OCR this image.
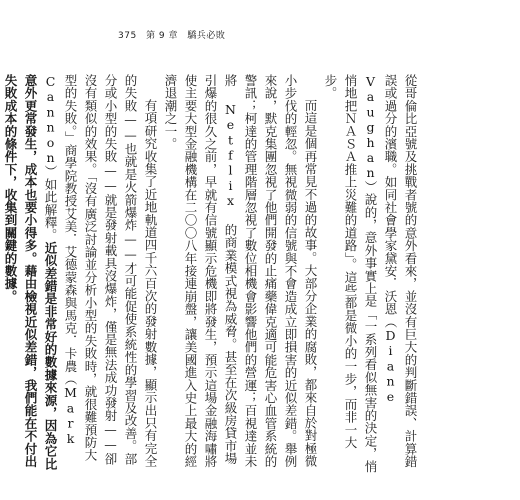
375 第 9 章 驕兵必敗

從哥倫比亞號及挑戰者號的意外看來，並沒有巨大的判斷錯誤、計算錯誤或過分的濱職。如同社會學家黛安．沃恩（Diane Vaughan）說的，意外事實上是「一系列看似無害的決定，悄悄地把ＮＡＳＡ推上災難的道路」。這些都是微小的一步，而非一大步。

而這是個再常見不過的故事。大部分企業的腐敗，都來自於對極微小步伐的輕忽。無視微弱的信號與不會造成立即損害的近似差錯。舉例來說，默克集團忽視了他們開發的止痛藥偉克適可能危害心血管系統的警訊；柯達的管理階層忽視了數位相機會影響他們的營運；百視達並未將 Netflix 的商業模式視為威脅。甚至在次級房貸市場引爆的很久之前，早就有信號顯示危機即將發生，預示這場金融海嘯將使主要大型金融機構在二〇〇八年接連崩盤，讓美國進入史上最大的經濟退潮之一。

有項研究收集了近地軌道四千六百次的發射數據，顯示出只有完全的失敗——也就是火箭爆炸——才可能促使系統性的學習及改善。部分或小型的失敗——就是發射載具沒爆炸，僅是無法成功發射——卻沒有類似的效果。「沒有廣泛討論並分析小型的失敗時，就很難預防大型的失敗。」商學院教授艾美．艾德蒙森與馬克．卡農（Mark Cannon）如此解釋。近似差錯是非常好的數據來源，因為它比意外更常發生，成本也要小得多。藉由檢視近似差錯，我們能在不付出失敗成本的條件下，收集到關鍵的數據。
